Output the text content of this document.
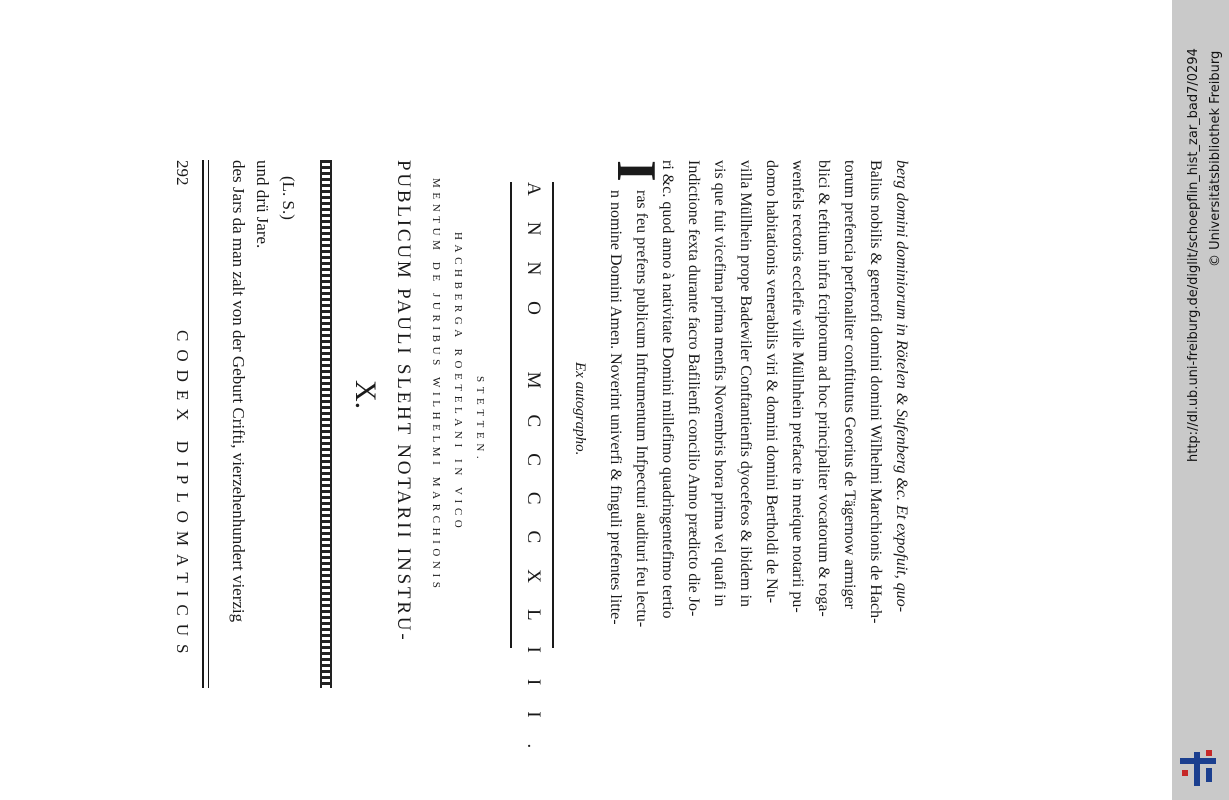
292
CODEX DIPLOMATICUS des Jars da man zalt von der Geburt Crifti, vierzehenhundert vierzig und drü Jare. (L. S.)
X. PUBLICUM PAULI SLEHT NOTARII INSTRU- MENTUM DE JURIBUS WILHELMI MARCHIONIS HACHBERGA ROETELANI IN VICO STETTEN. ANNO MCCCCXLIII. Ex autographo.
I
n nomine Domini Amen. Noverint univerfi & finguli prefentes litte- ras feu prefens publicum Inftrumentum Infpecturi audituri feu lectu- ri &c. quod anno à nativitate Domini millefimo quadringentefimo tertio Indictione fexta durante facro Bafilienfi concilio Anno prædicto die Jo- vis que fuit vicefima prima menfis Novembris hora prima vel quafi in villa Müllhein prope Badewiler Conftantienfis dyocefeos & ibidem in domo habitationis venerabilis viri & domini domini Bertholdi de Nu- wenfels rectoris ecclefie ville Müllnhein prefacte in meique notarii pu- blici & teftium infra fcriptorum ad hoc principaliter vocatorum & roga- torum prefencia perfonaliter conftitutus Georius de Tägernow armiger Balius nobilis & generofi domini domini Wilhelmi Marchionis de Hach- berg domini dominiorum in Rötelen & Sufenberg &c. Et expofuit, quo-	http://dl.ub.uni-freiburg.de/diglit/schoepflin_hist_zar_bad7/0294 © Universitätsbibliothek Freiburg
